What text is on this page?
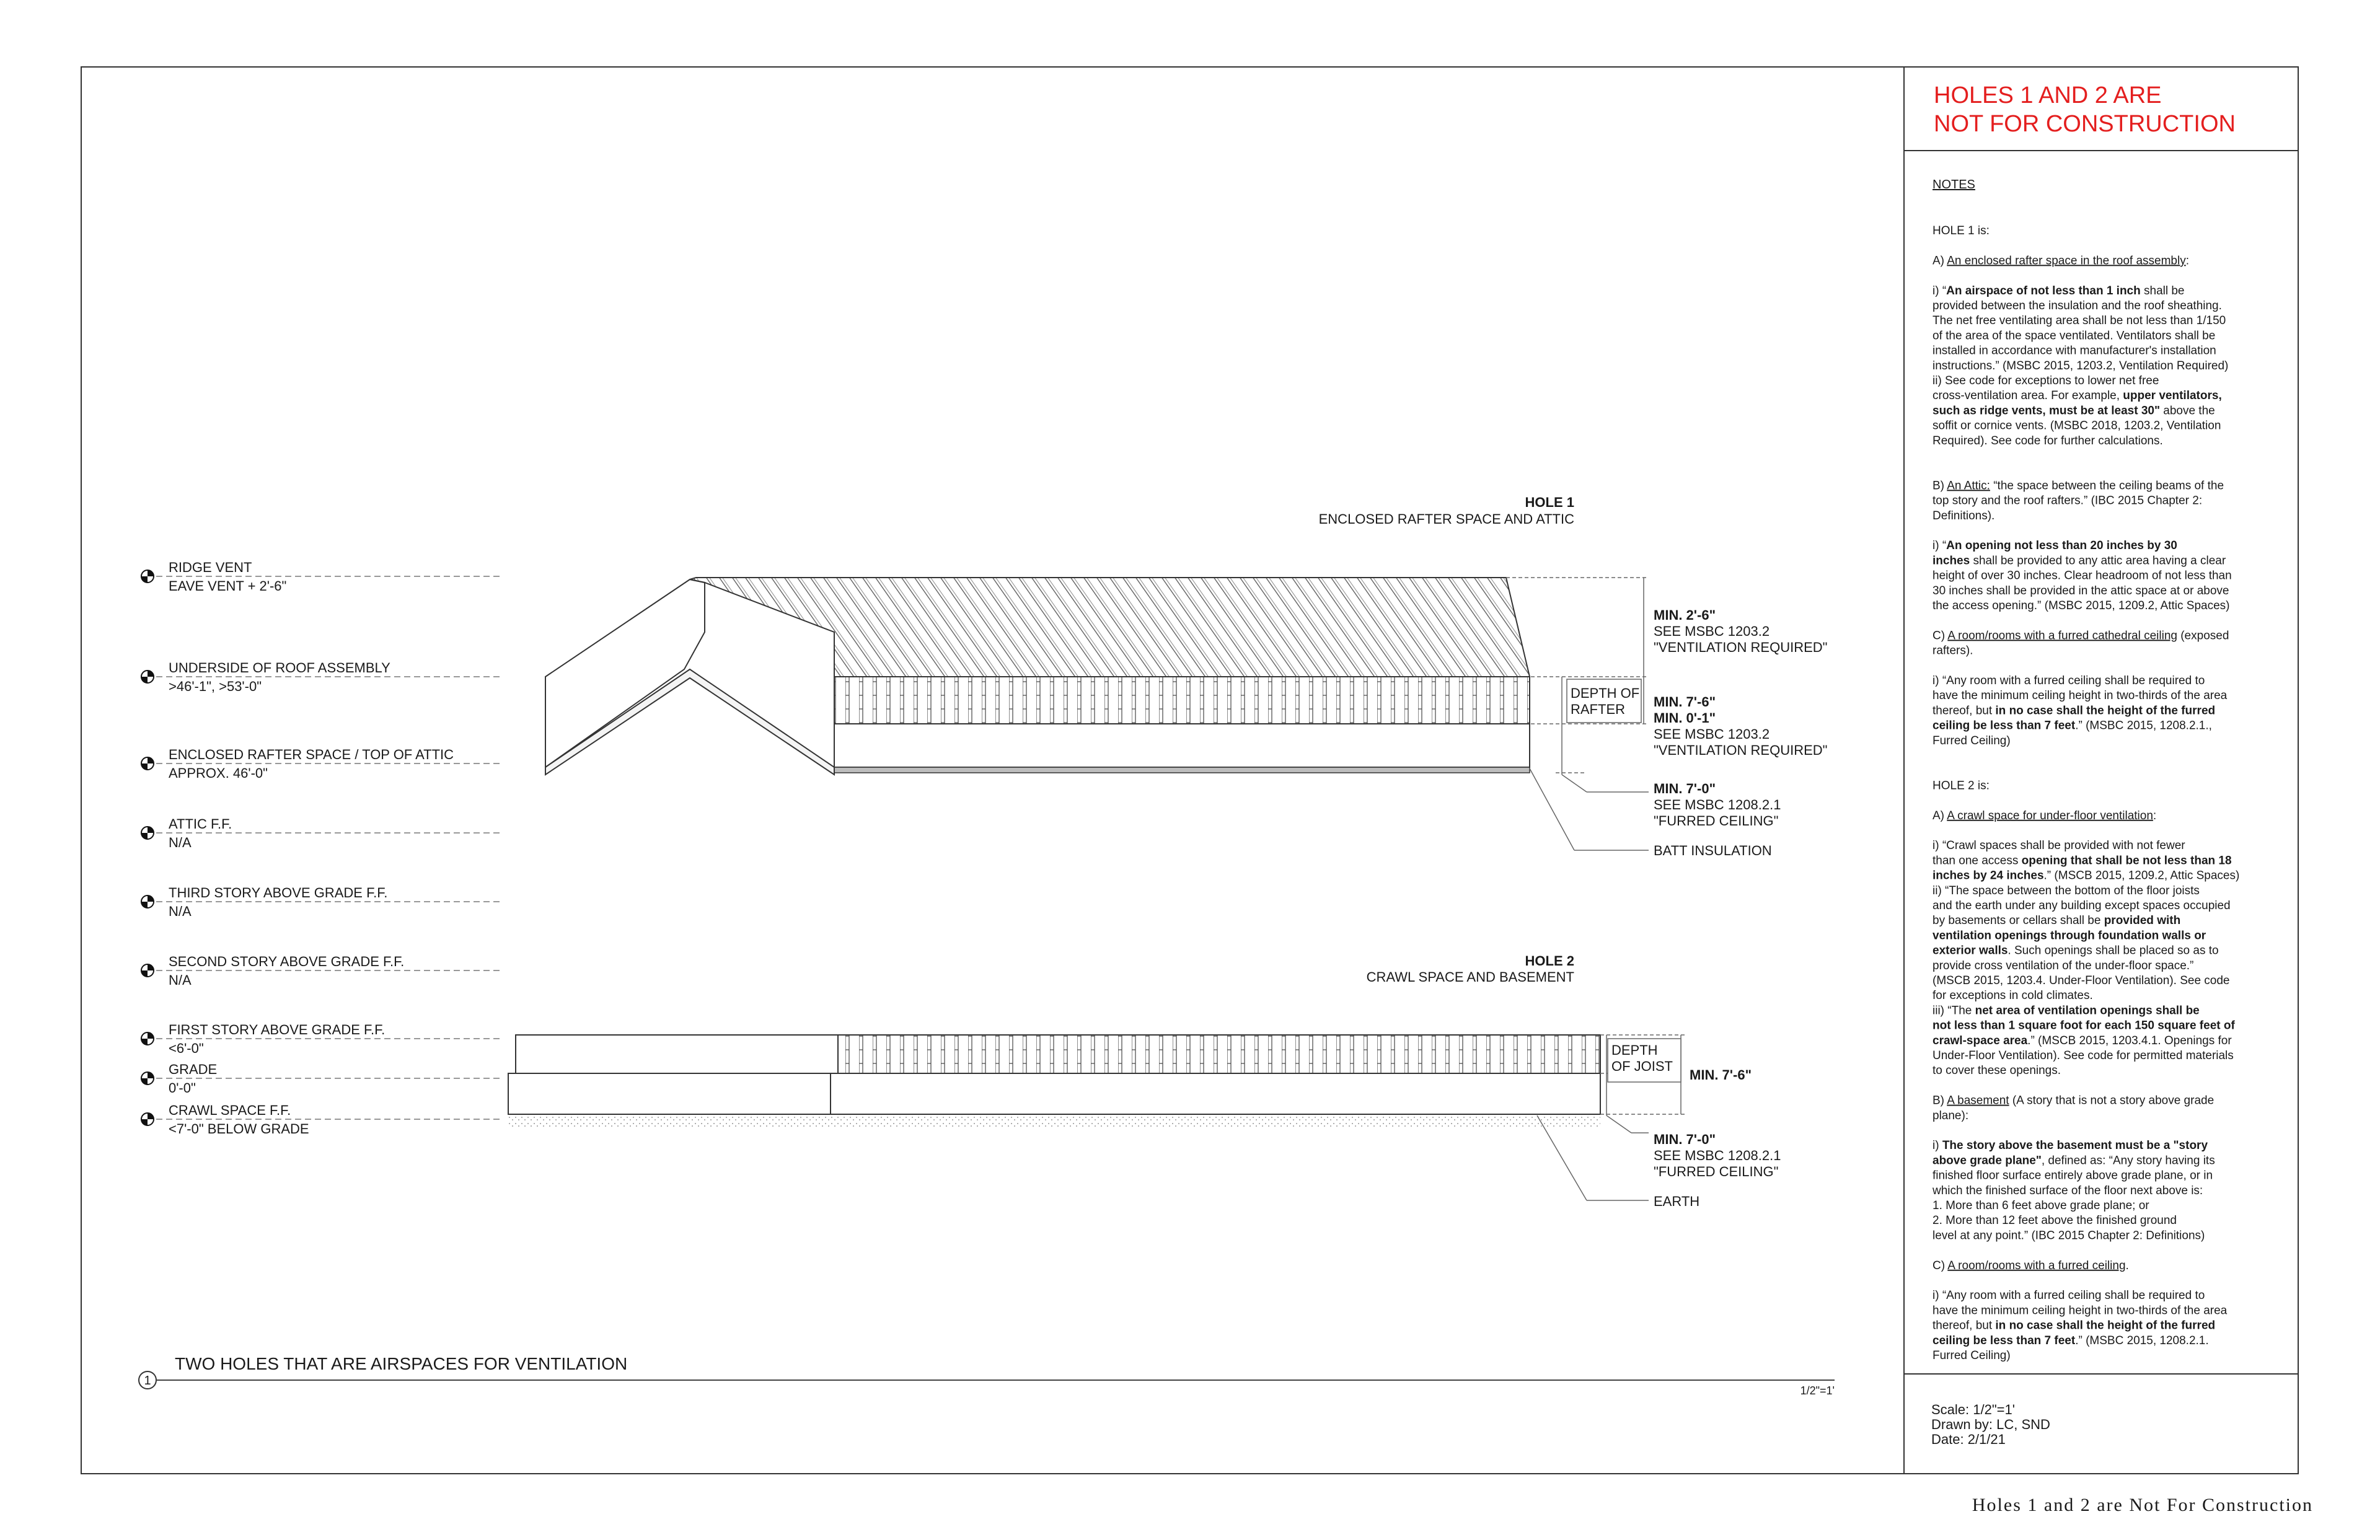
HOLES 1 AND 2 ARE
NOT FOR CONSTRUCTION
NOTES
HOLE 1 is:
A) An enclosed rafter space in the roof assembly:
i) “An airspace of not less than 1 inch shall be
provided between the insulation and the roof sheathing.
The net free ventilating area shall be not less than 1/150
of the area of the space ventilated. Ventilators shall be
installed in accordance with manufacturer's installation
instructions.” (MSBC 2015, 1203.2, Ventilation Required)
ii) See code for exceptions to lower net free
cross-ventilation area. For example, upper ventilators,
such as ridge vents, must be at least 30" above the
soffit or cornice vents. (MSBC 2018, 1203.2, Ventilation
Required). See code for further calculations.
B) An Attic: “the space between the ceiling beams of the
top story and the roof rafters.” (IBC 2015 Chapter 2:
Definitions).
i) “An opening not less than 20 inches by 30
inches shall be provided to any attic area having a clear
height of over 30 inches. Clear headroom of not less than
30 inches shall be provided in the attic space at or above
the access opening.” (MSBC 2015, 1209.2, Attic Spaces)
C) A room/rooms with a furred cathedral ceiling (exposed
rafters).
i) “Any room with a furred ceiling shall be required to
have the minimum ceiling height in two-thirds of the area
thereof, but in no case shall the height of the furred
ceiling be less than 7 feet.” (MSBC 2015, 1208.2.1.,
Furred Ceiling)
HOLE 2 is:
A) A crawl space for under-floor ventilation:
i) “Crawl spaces shall be provided with not fewer
than one access opening that shall be not less than 18
inches by 24 inches.” (MSCB 2015, 1209.2, Attic Spaces)
ii) “The space between the bottom of the floor joists
and the earth under any building except spaces occupied
by basements or cellars shall be provided with
ventilation openings through foundation walls or
exterior walls. Such openings shall be placed so as to
provide cross ventilation of the under-floor space.”
(MSCB 2015, 1203.4. Under-Floor Ventilation). See code
for exceptions in cold climates.
iii) “The net area of ventilation openings shall be
not less than 1 square foot for each 150 square feet of
crawl-space area.” (MSCB 2015, 1203.4.1. Openings for
Under-Floor Ventilation). See code for permitted materials
to cover these openings.
B) A basement (A story that is not a story above grade
plane):
i) The story above the basement must be a "story
above grade plane", defined as: “Any story having its
finished floor surface entirely above grade plane, or in
which the finished surface of the floor next above is:
1. More than 6 feet above grade plane; or
2. More than 12 feet above the finished ground
level at any point.” (IBC 2015 Chapter 2: Definitions)
C) A room/rooms with a furred ceiling.
i) “Any room with a furred ceiling shall be required to
have the minimum ceiling height in two-thirds of the area
thereof, but in no case shall the height of the furred
ceiling be less than 7 feet.” (MSBC 2015, 1208.2.1.
Furred Ceiling)
Scale: 1/2"=1'
Drawn by: LC, SND
Date: 2/1/21
RIDGE VENT
EAVE VENT + 2'-6"
UNDERSIDE OF ROOF ASSEMBLY
>46'-1", >53'-0"
ENCLOSED RAFTER SPACE / TOP OF ATTIC
APPROX. 46'-0"
ATTIC F.F.
N/A
THIRD STORY ABOVE GRADE F.F.
N/A
SECOND STORY ABOVE GRADE F.F.
N/A
FIRST STORY ABOVE GRADE F.F.
<6'-0"
GRADE
0'-0"
CRAWL SPACE F.F.
<7'-0" BELOW GRADE
HOLE 1
ENCLOSED RAFTER SPACE AND ATTIC
DEPTH OF
RAFTER
MIN. 2'-6"
SEE MSBC 1203.2
"VENTILATION REQUIRED"
MIN. 7'-6"
MIN. 0'-1"
SEE MSBC 1203.2
"VENTILATION REQUIRED"
MIN. 7'-0"
SEE MSBC 1208.2.1
"FURRED CEILING"
BATT INSULATION
HOLE 2
CRAWL SPACE AND BASEMENT
DEPTH
OF JOIST
MIN. 7'-6"
MIN. 7'-0"
SEE MSBC 1208.2.1
"FURRED CEILING"
EARTH
1
TWO HOLES THAT ARE AIRSPACES FOR VENTILATION
1/2"=1'
Holes 1 and 2 are Not For Construction
